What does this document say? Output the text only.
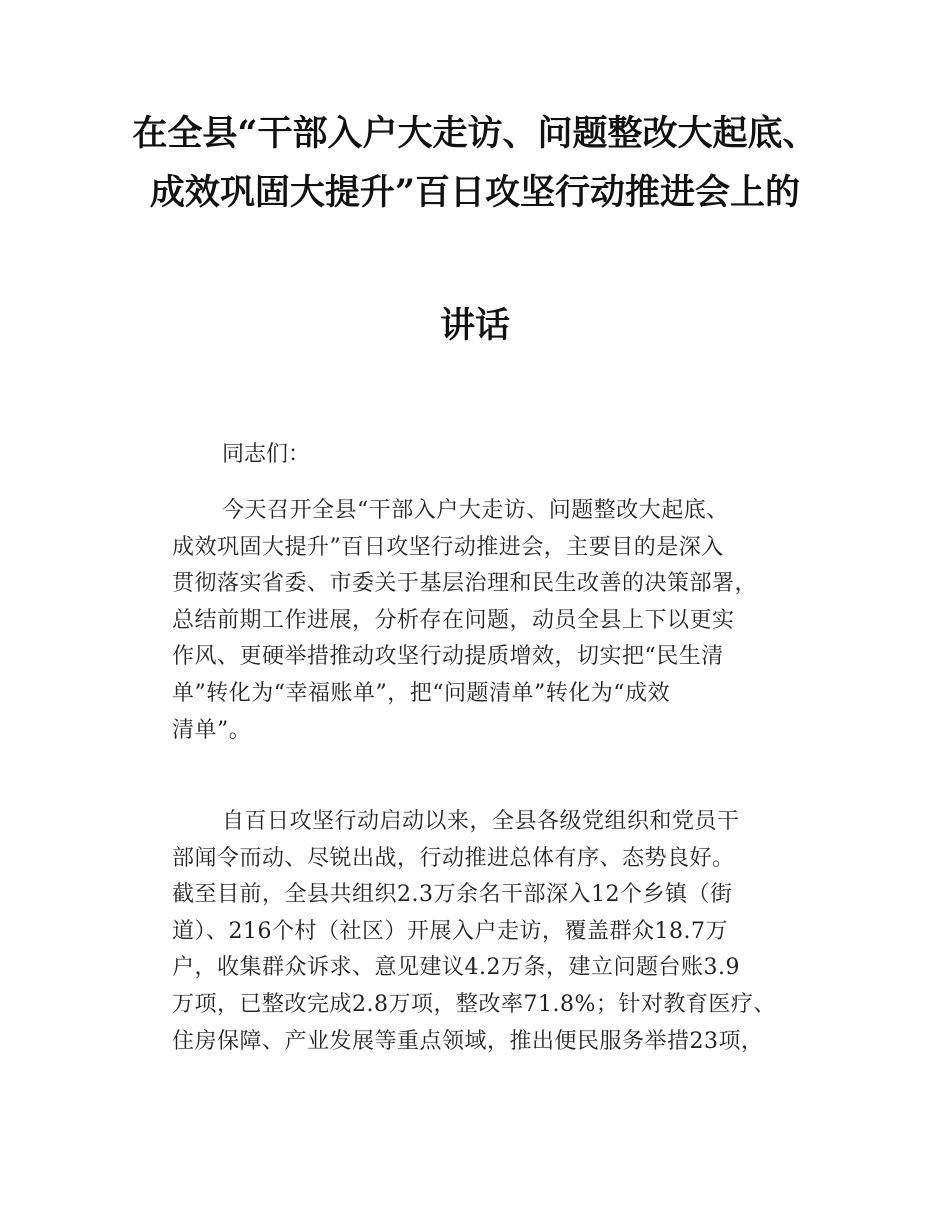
在全县“干部入户大走访、问题整改大起底、
成效巩固大提升”百日攻坚行动推进会上的
讲话
同志们：
今天召开全县“干部入户大走访、问题整改大起底、
成效巩固大提升”百日攻坚行动推进会，主要目的是深入
贯彻落实省委、市委关于基层治理和民生改善的决策部署，
总结前期工作进展，分析存在问题，动员全县上下以更实
作风、更硬举措推动攻坚行动提质增效，切实把“民生清
单”转化为“幸福账单”，把“问题清单”转化为“成效
清单”。
自百日攻坚行动启动以来，全县各级党组织和党员干
部闻令而动、尽锐出战，行动推进总体有序、态势良好。
截至目前，全县共组织2.3万余名干部深入12个乡镇（街
道）、216个村（社区）开展入户走访，覆盖群众18.7万
户，收集群众诉求、意见建议4.2万条，建立问题台账3.9
万项，已整改完成2.8万项，整改率71.8%；针对教育医疗、
住房保障、产业发展等重点领域，推出便民服务举措23项，
